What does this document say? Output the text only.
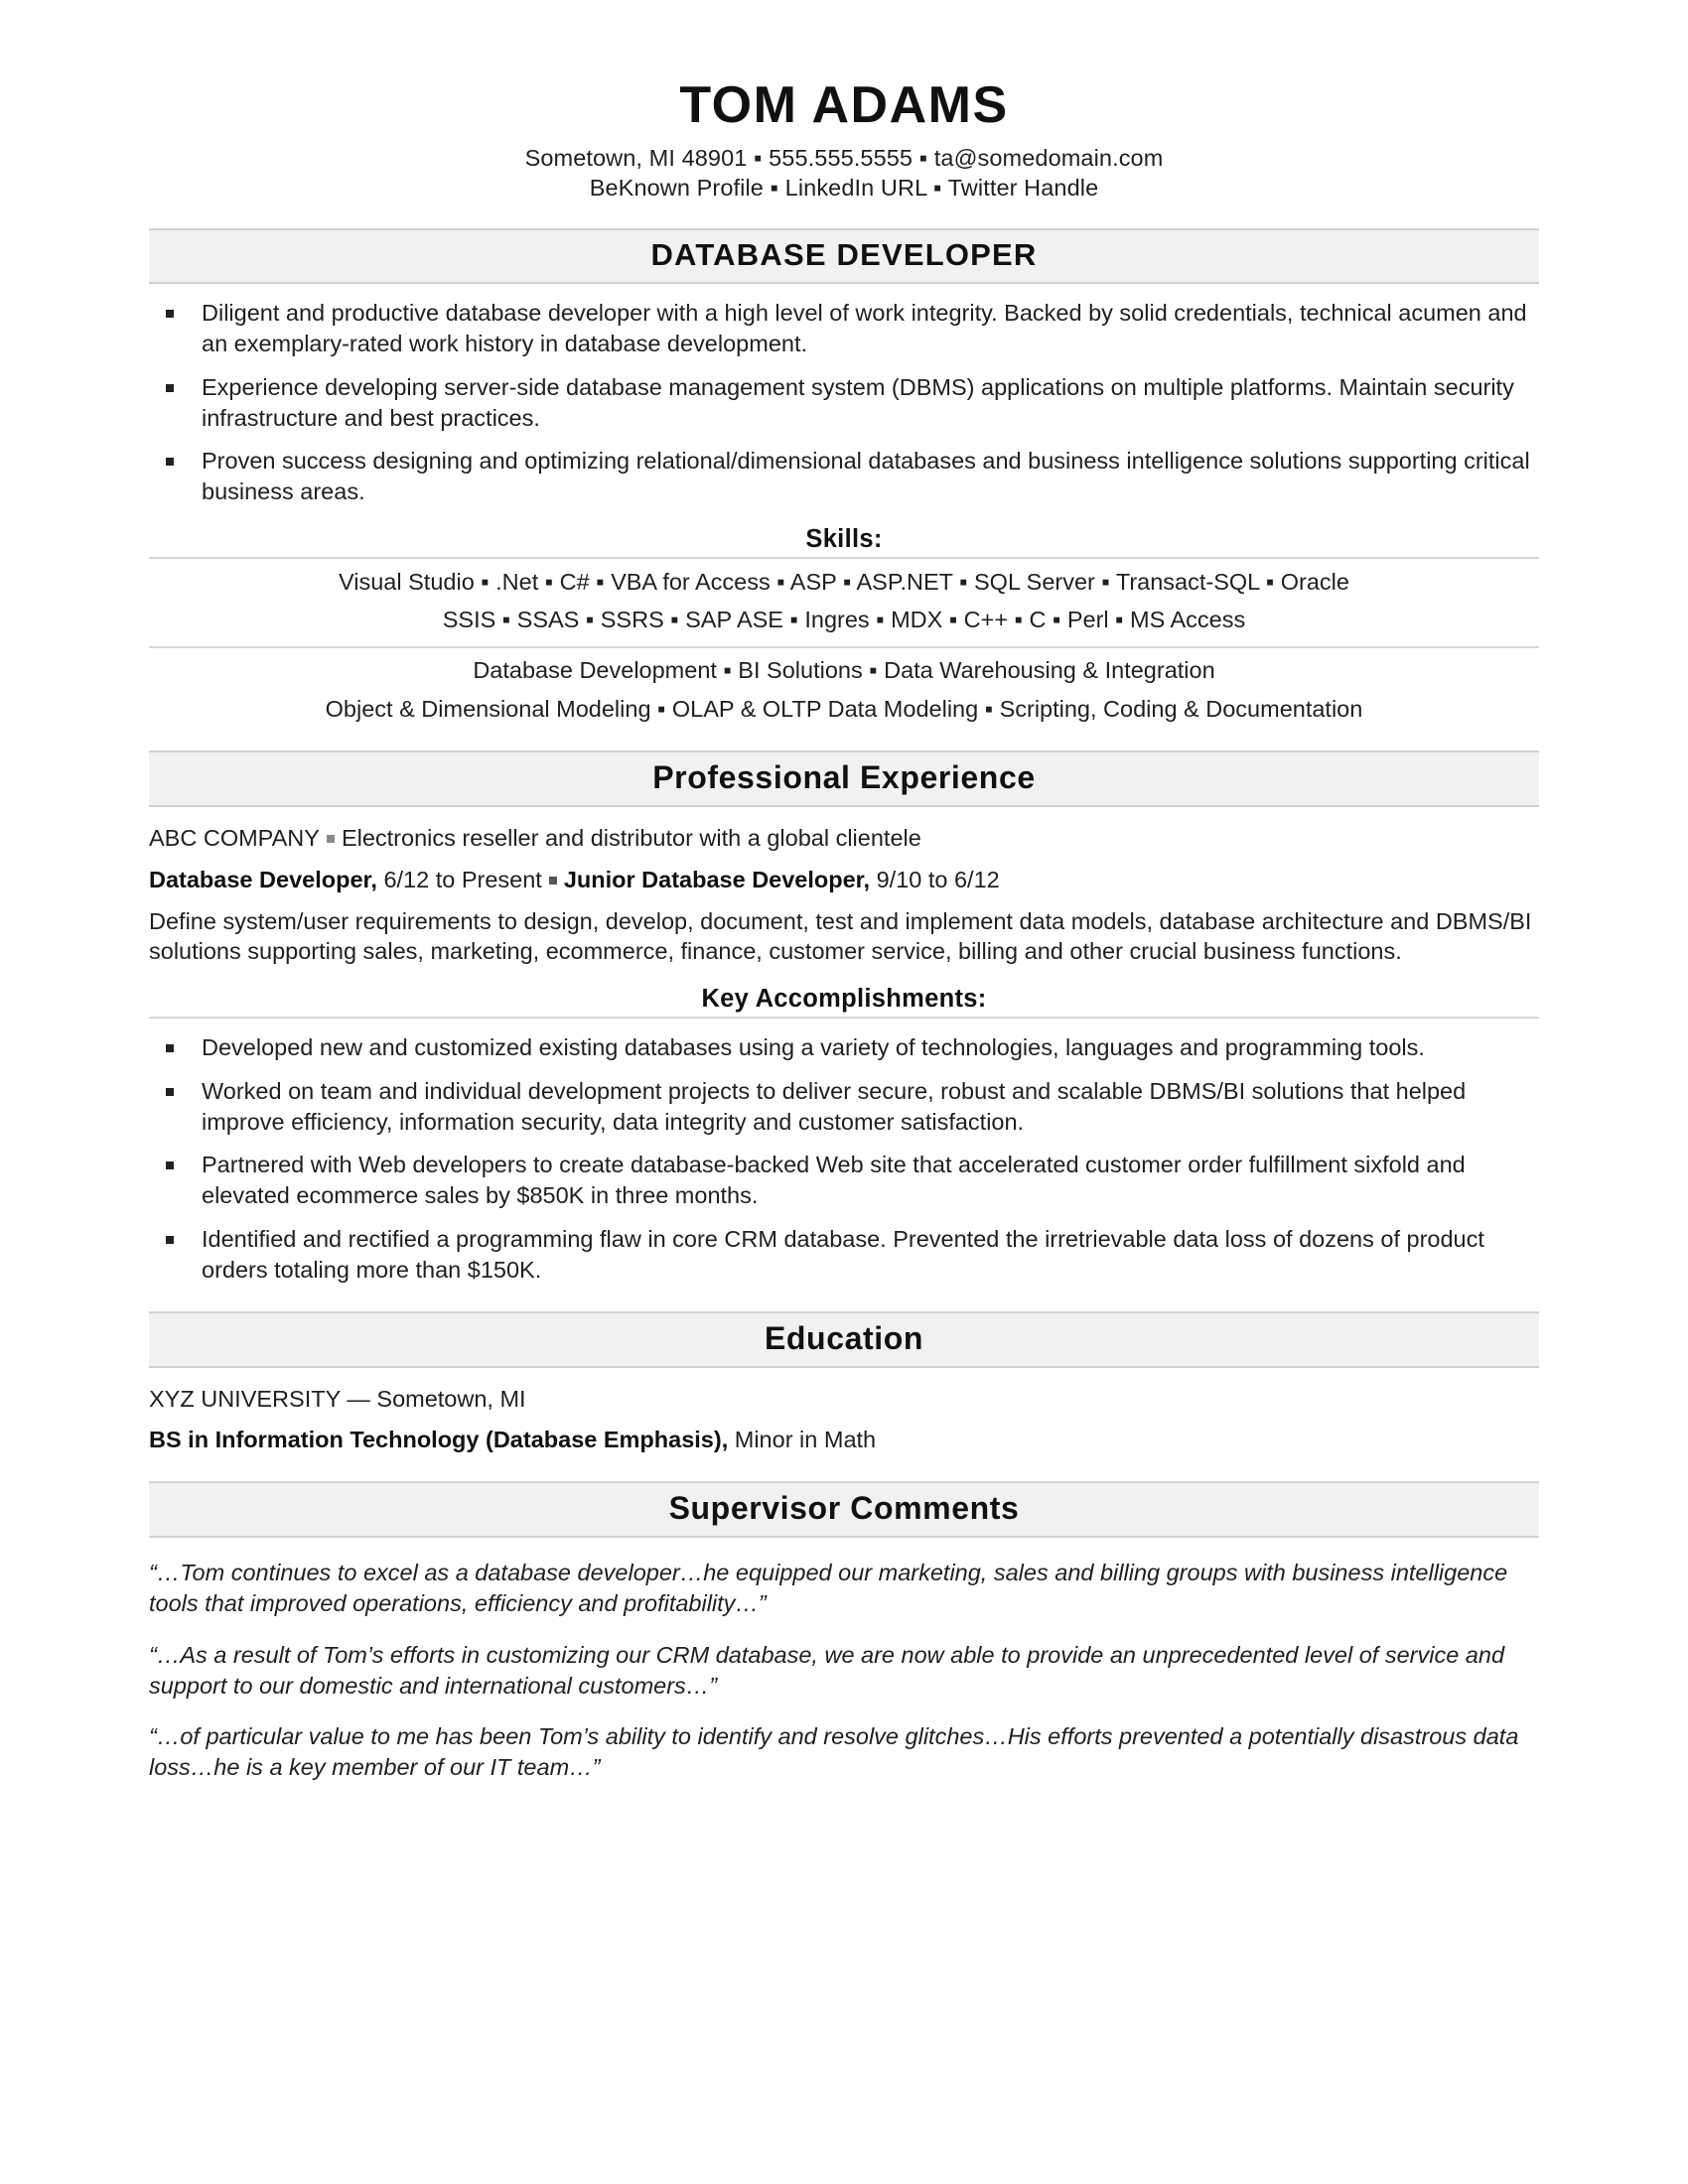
TOM ADAMS
Sometown, MI 48901 ▪ 555.555.5555 ▪ ta@somedomain.com
BeKnown Profile ▪ LinkedIn URL ▪ Twitter Handle
DATABASE DEVELOPER
Diligent and productive database developer with a high level of work integrity. Backed by solid credentials, technical acumen and an exemplary-rated work history in database development.
Experience developing server-side database management system (DBMS) applications on multiple platforms. Maintain security infrastructure and best practices.
Proven success designing and optimizing relational/dimensional databases and business intelligence solutions supporting critical business areas.
Skills:
Visual Studio ▪ .Net ▪ C# ▪ VBA for Access ▪ ASP ▪ ASP.NET ▪ SQL Server ▪ Transact-SQL ▪ Oracle
SSIS ▪ SSAS ▪ SSRS ▪ SAP ASE ▪ Ingres ▪ MDX ▪ C++ ▪ C ▪ Perl ▪ MS Access
Database Development ▪ BI Solutions ▪ Data Warehousing & Integration
Object & Dimensional Modeling ▪ OLAP & OLTP Data Modeling ▪ Scripting, Coding & Documentation
Professional Experience
ABC COMPANY Electronics reseller and distributor with a global clientele
Database Developer, 6/12 to Present Junior Database Developer, 9/10 to 6/12
Define system/user requirements to design, develop, document, test and implement data models, database architecture and DBMS/BI solutions supporting sales, marketing, ecommerce, finance, customer service, billing and other crucial business functions.
Key Accomplishments:
Developed new and customized existing databases using a variety of technologies, languages and programming tools.
Worked on team and individual development projects to deliver secure, robust and scalable DBMS/BI solutions that helped improve efficiency, information security, data integrity and customer satisfaction.
Partnered with Web developers to create database-backed Web site that accelerated customer order fulfillment sixfold and elevated ecommerce sales by $850K in three months.
Identified and rectified a programming flaw in core CRM database. Prevented the irretrievable data loss of dozens of product orders totaling more than $150K.
Education
XYZ UNIVERSITY — Sometown, MI
BS in Information Technology (Database Emphasis), Minor in Math
Supervisor Comments
“…Tom continues to excel as a database developer…he equipped our marketing, sales and billing groups with business intelligence tools that improved operations, efficiency and profitability…”
“…As a result of Tom’s efforts in customizing our CRM database, we are now able to provide an unprecedented level of service and support to our domestic and international customers…”
“…of particular value to me has been Tom’s ability to identify and resolve glitches…His efforts prevented a potentially disastrous data loss…he is a key member of our IT team…”
